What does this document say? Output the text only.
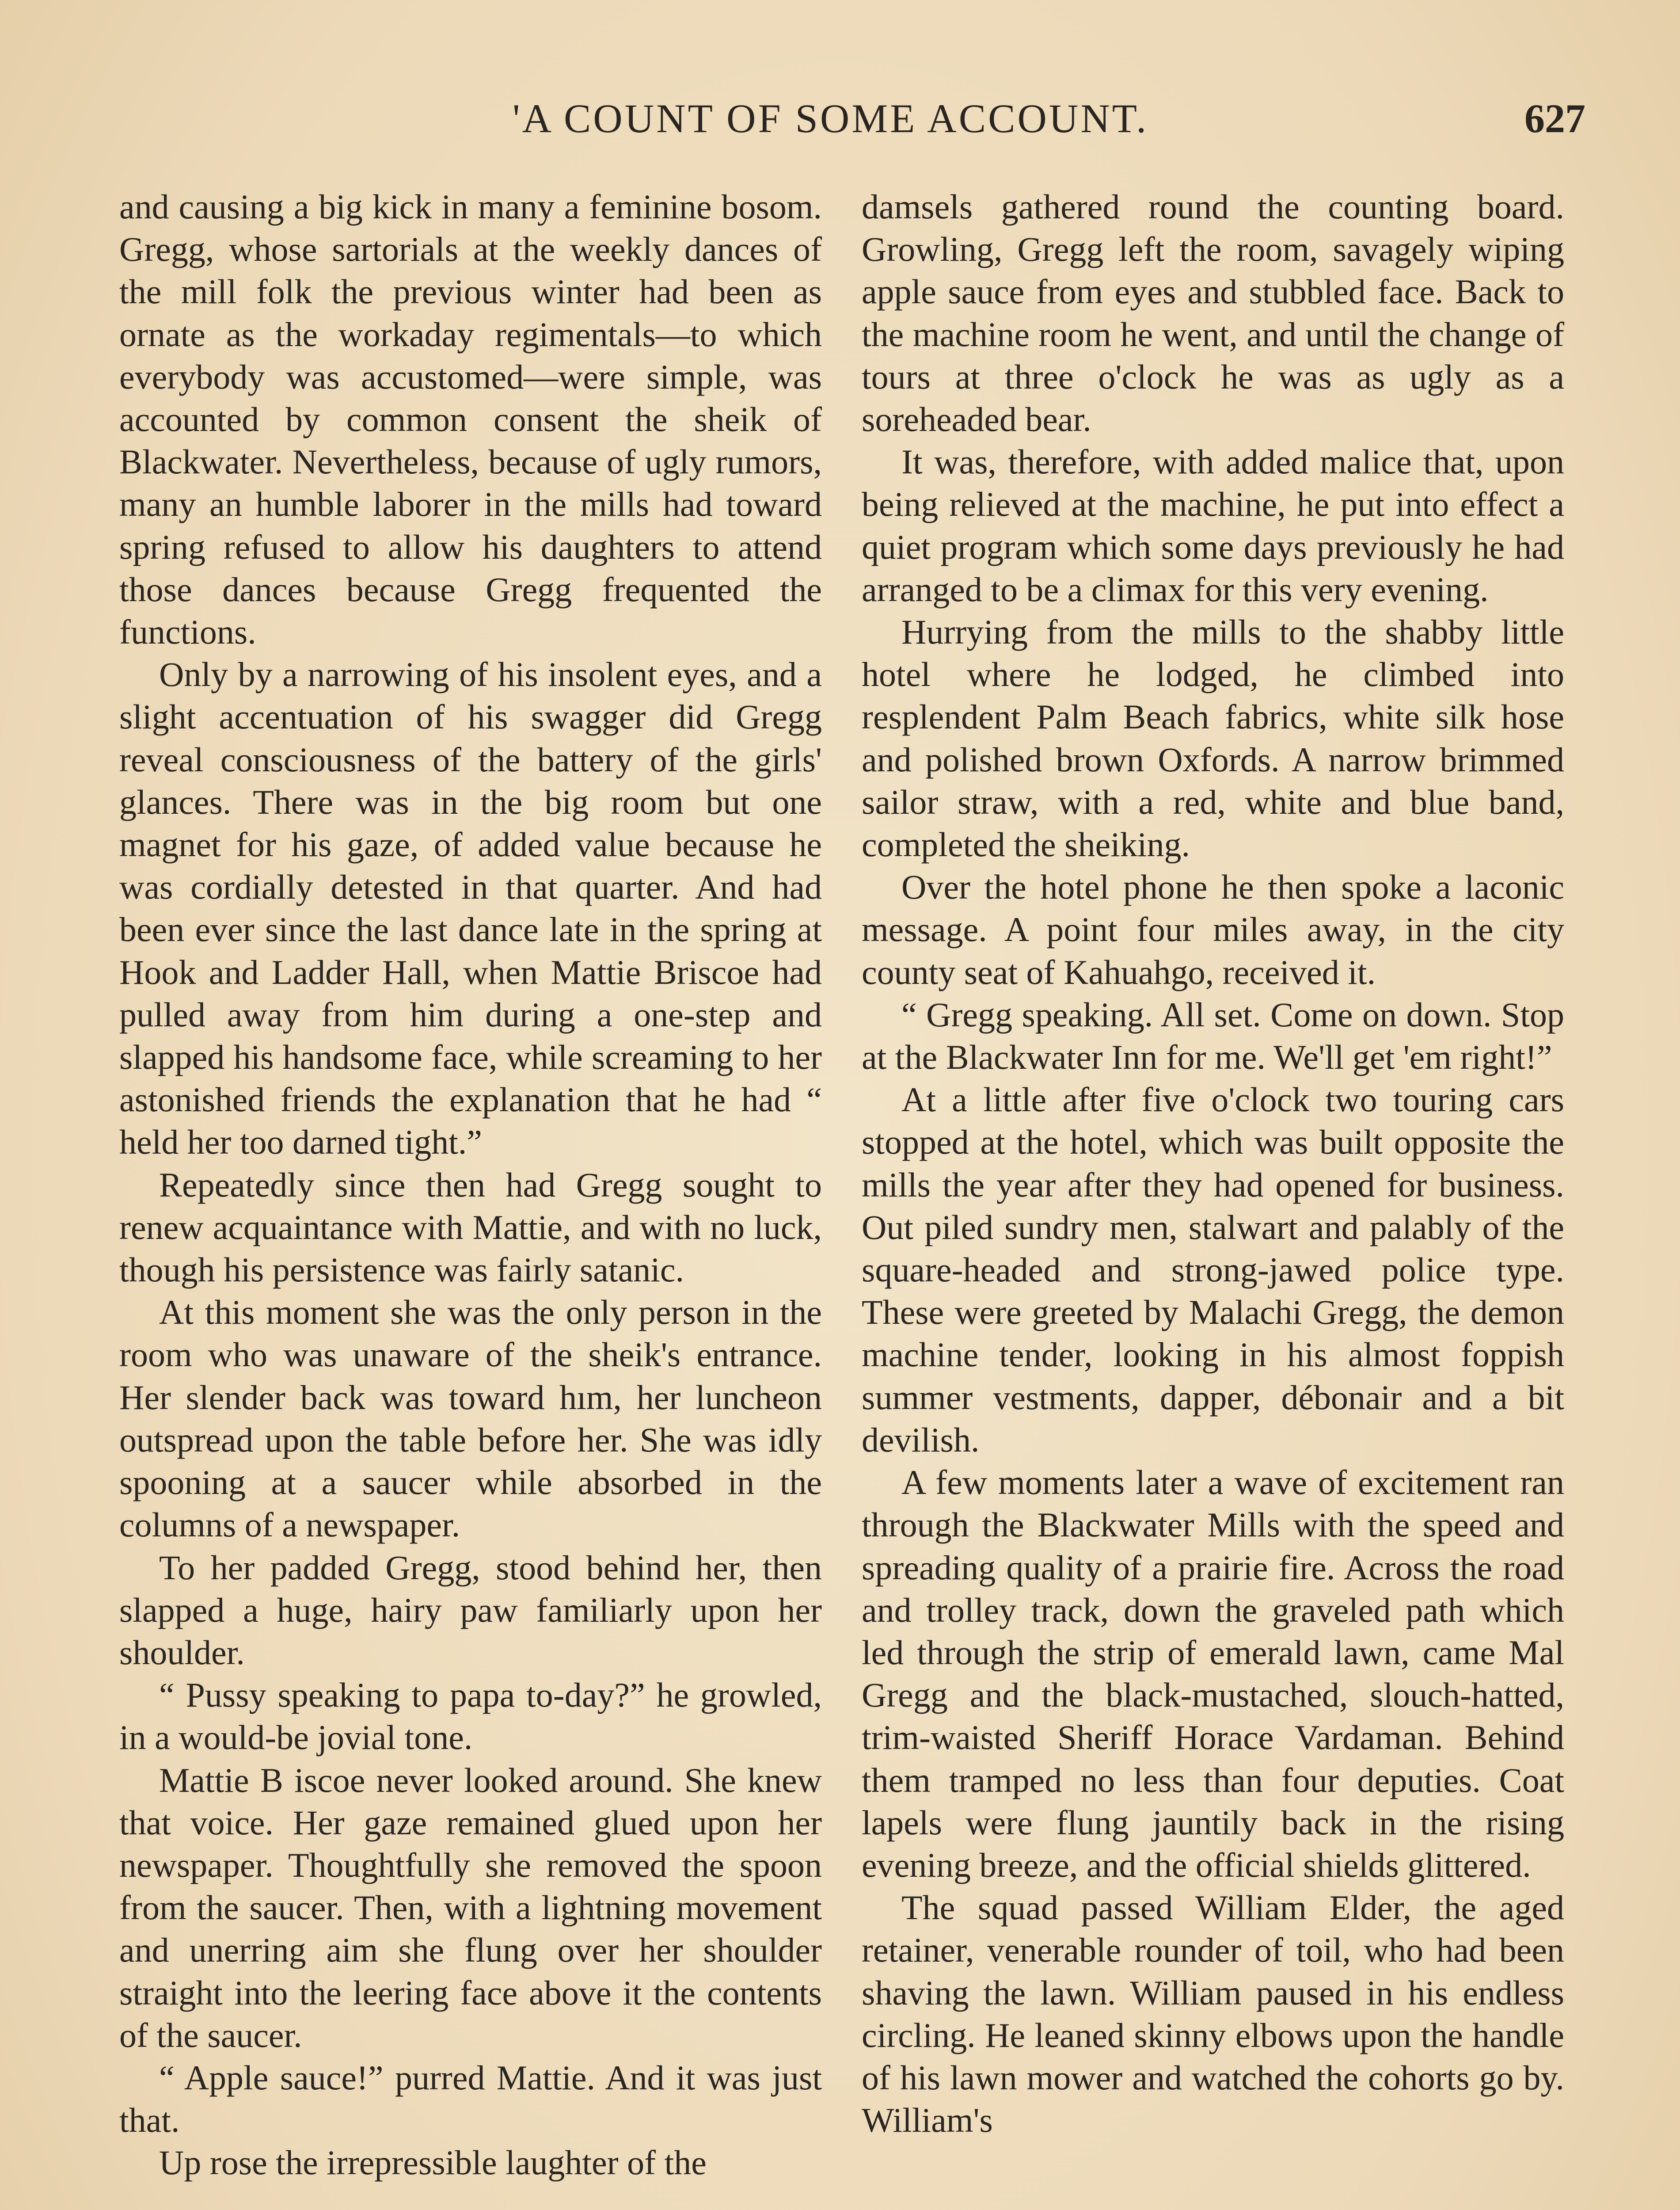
'A COUNT OF SOME ACCOUNT.	627

and causing a big kick in many a feminine bosom. Gregg, whose sartorials at the weekly dances of the mill folk the previous winter had been as ornate as the workaday regimentals—to which everybody was accustomed—were simple, was accounted by common consent the sheik of Blackwater. Nevertheless, because of ugly rumors, many an humble laborer in the mills had toward spring refused to allow his daughters to attend those dances because Gregg frequented the functions.

Only by a narrowing of his insolent eyes, and a slight accentuation of his swagger did Gregg reveal consciousness of the battery of the girls' glances. There was in the big room but one magnet for his gaze, of added value because he was cordially detested in that quarter. And had been ever since the last dance late in the spring at Hook and Ladder Hall, when Mattie Briscoe had pulled away from him during a one-step and slapped his handsome face, while screaming to her astonished friends the explanation that he had “ held her too darned tight.”

Repeatedly since then had Gregg sought to renew acquaintance with Mattie, and with no luck, though his persistence was fairly satanic.

At this moment she was the only person in the room who was unaware of the sheik's entrance. Her slender back was toward hım, her luncheon outspread upon the table before her. She was idly spooning at a saucer while absorbed in the columns of a newspaper.

To her padded Gregg, stood behind her, then slapped a huge, hairy paw familiarly upon her shoulder.

“ Pussy speaking to papa to-day?” he growled, in a would-be jovial tone.

Mattie B iscoe never looked around. She knew that voice. Her gaze remained glued upon her newspaper. Thoughtfully she removed the spoon from the saucer. Then, with a lightning movement and unerring aim she flung over her shoulder straight into the leering face above it the contents of the saucer.

“ Apple sauce!” purred Mattie. And it was just that.

Up rose the irrepressible laughter of the

damsels gathered round the counting board. Growling, Gregg left the room, savagely wiping apple sauce from eyes and stubbled face. Back to the machine room he went, and until the change of tours at three o'clock he was as ugly as a soreheaded bear.

It was, therefore, with added malice that, upon being relieved at the machine, he put into effect a quiet program which some days previously he had arranged to be a climax for this very evening.

Hurrying from the mills to the shabby little hotel where he lodged, he climbed into resplendent Palm Beach fabrics, white silk hose and polished brown Oxfords. A narrow brimmed sailor straw, with a red, white and blue band, completed the sheiking.

Over the hotel phone he then spoke a laconic message. A point four miles away, in the city county seat of Kahuahgo, received it.

“ Gregg speaking. All set. Come on down. Stop at the Blackwater Inn for me. We'll get 'em right!”

At a little after five o'clock two touring cars stopped at the hotel, which was built opposite the mills the year after they had opened for business. Out piled sundry men, stalwart and palably of the square-headed and strong-jawed police type. These were greeted by Malachi Gregg, the demon machine tender, looking in his almost foppish summer vestments, dapper, débonair and a bit devilish.

A few moments later a wave of excitement ran through the Blackwater Mills with the speed and spreading quality of a prairie fire. Across the road and trolley track, down the graveled path which led through the strip of emerald lawn, came Mal Gregg and the black-mustached, slouch-hatted, trim-waisted Sheriff Horace Vardaman. Behind them tramped no less than four deputies. Coat lapels were flung jauntily back in the rising evening breeze, and the official shields glittered.

The squad passed William Elder, the aged retainer, venerable rounder of toil, who had been shaving the lawn. William paused in his endless circling. He leaned skinny elbows upon the handle of his lawn mower and watched the cohorts go by. William's
